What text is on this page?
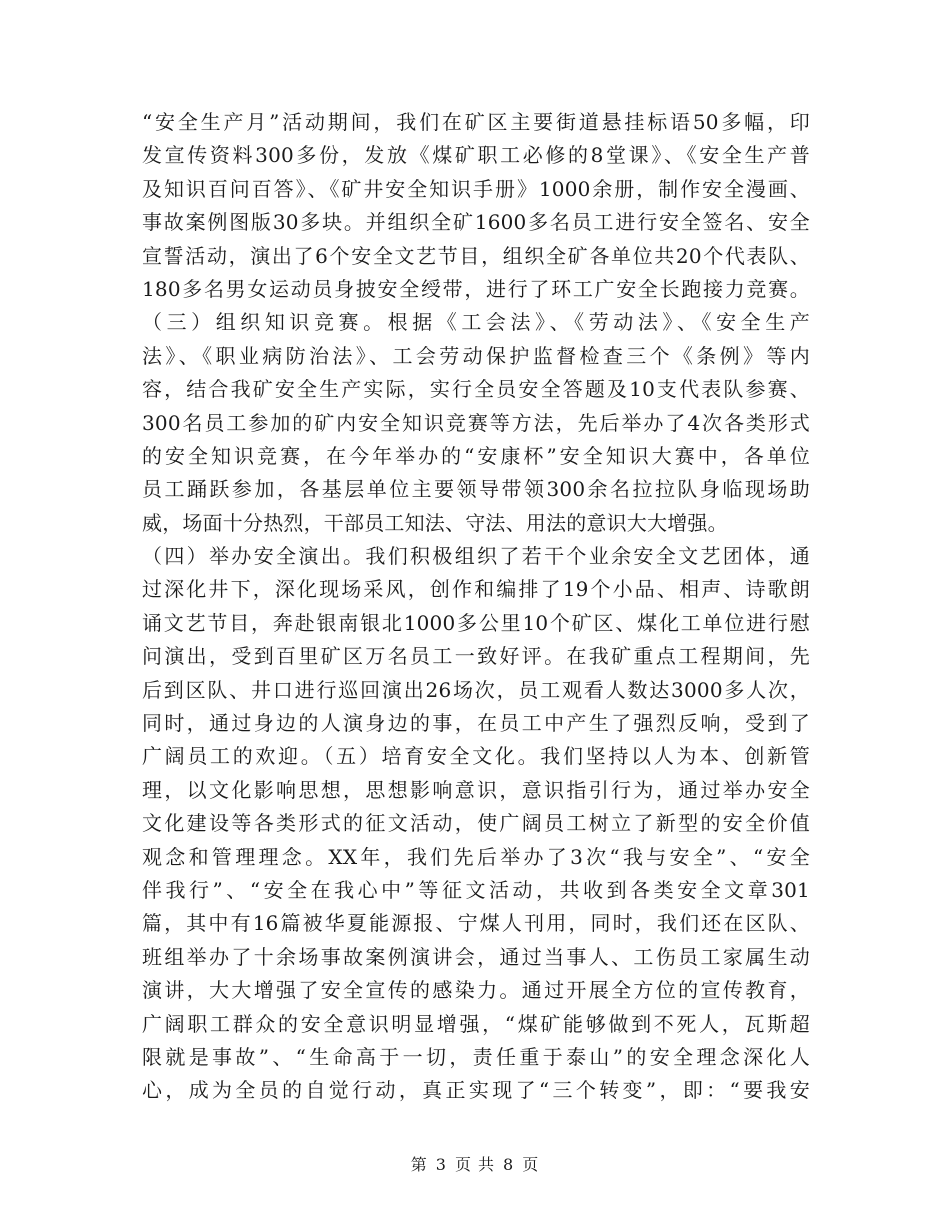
“安全生产月”活动期间，我们在矿区主要街道悬挂标语50多幅，印
发宣传资料300多份，发放《煤矿职工必修的8堂课》、《安全生产普
及知识百问百答》、《矿井安全知识手册》1000余册，制作安全漫画、
事故案例图版30多块。并组织全矿1600多名员工进行安全签名、安全
宣誓活动，演出了6个安全文艺节目，组织全矿各单位共20个代表队、
180多名男女运动员身披安全绶带，进行了环工广安全长跑接力竞赛。
（三）组织知识竞赛。根据《工会法》、《劳动法》、《安全生产
法》、《职业病防治法》、工会劳动保护监督检查三个《条例》等内
容，结合我矿安全生产实际，实行全员安全答题及10支代表队参赛、
300名员工参加的矿内安全知识竞赛等方法，先后举办了4次各类形式
的安全知识竞赛，在今年举办的“安康杯”安全知识大赛中，各单位
员工踊跃参加，各基层单位主要领导带领300余名拉拉队身临现场助
威，场面十分热烈，干部员工知法、守法、用法的意识大大增强。
（四）举办安全演出。我们积极组织了若干个业余安全文艺团体，通
过深化井下，深化现场采风，创作和编排了19个小品、相声、诗歌朗
诵文艺节目，奔赴银南银北1000多公里10个矿区、煤化工单位进行慰
问演出，受到百里矿区万名员工一致好评。在我矿重点工程期间，先
后到区队、井口进行巡回演出26场次，员工观看人数达3000多人次，
同时，通过身边的人演身边的事，在员工中产生了强烈反响，受到了
广阔员工的欢迎。（五）培育安全文化。我们坚持以人为本、创新管
理，以文化影响思想，思想影响意识，意识指引行为，通过举办安全
文化建设等各类形式的征文活动，使广阔员工树立了新型的安全价值
观念和管理理念。XX年，我们先后举办了3次“我与安全”、“安全
伴我行”、“安全在我心中”等征文活动，共收到各类安全文章301
篇，其中有16篇被华夏能源报、宁煤人刊用，同时，我们还在区队、
班组举办了十余场事故案例演讲会，通过当事人、工伤员工家属生动
演讲，大大增强了安全宣传的感染力。通过开展全方位的宣传教育，
广阔职工群众的安全意识明显增强，“煤矿能够做到不死人，瓦斯超
限就是事故”、“生命高于一切，责任重于泰山”的安全理念深化人
心，成为全员的自觉行动，真正实现了“三个转变”，即：“要我安
第 3 页 共 8 页
